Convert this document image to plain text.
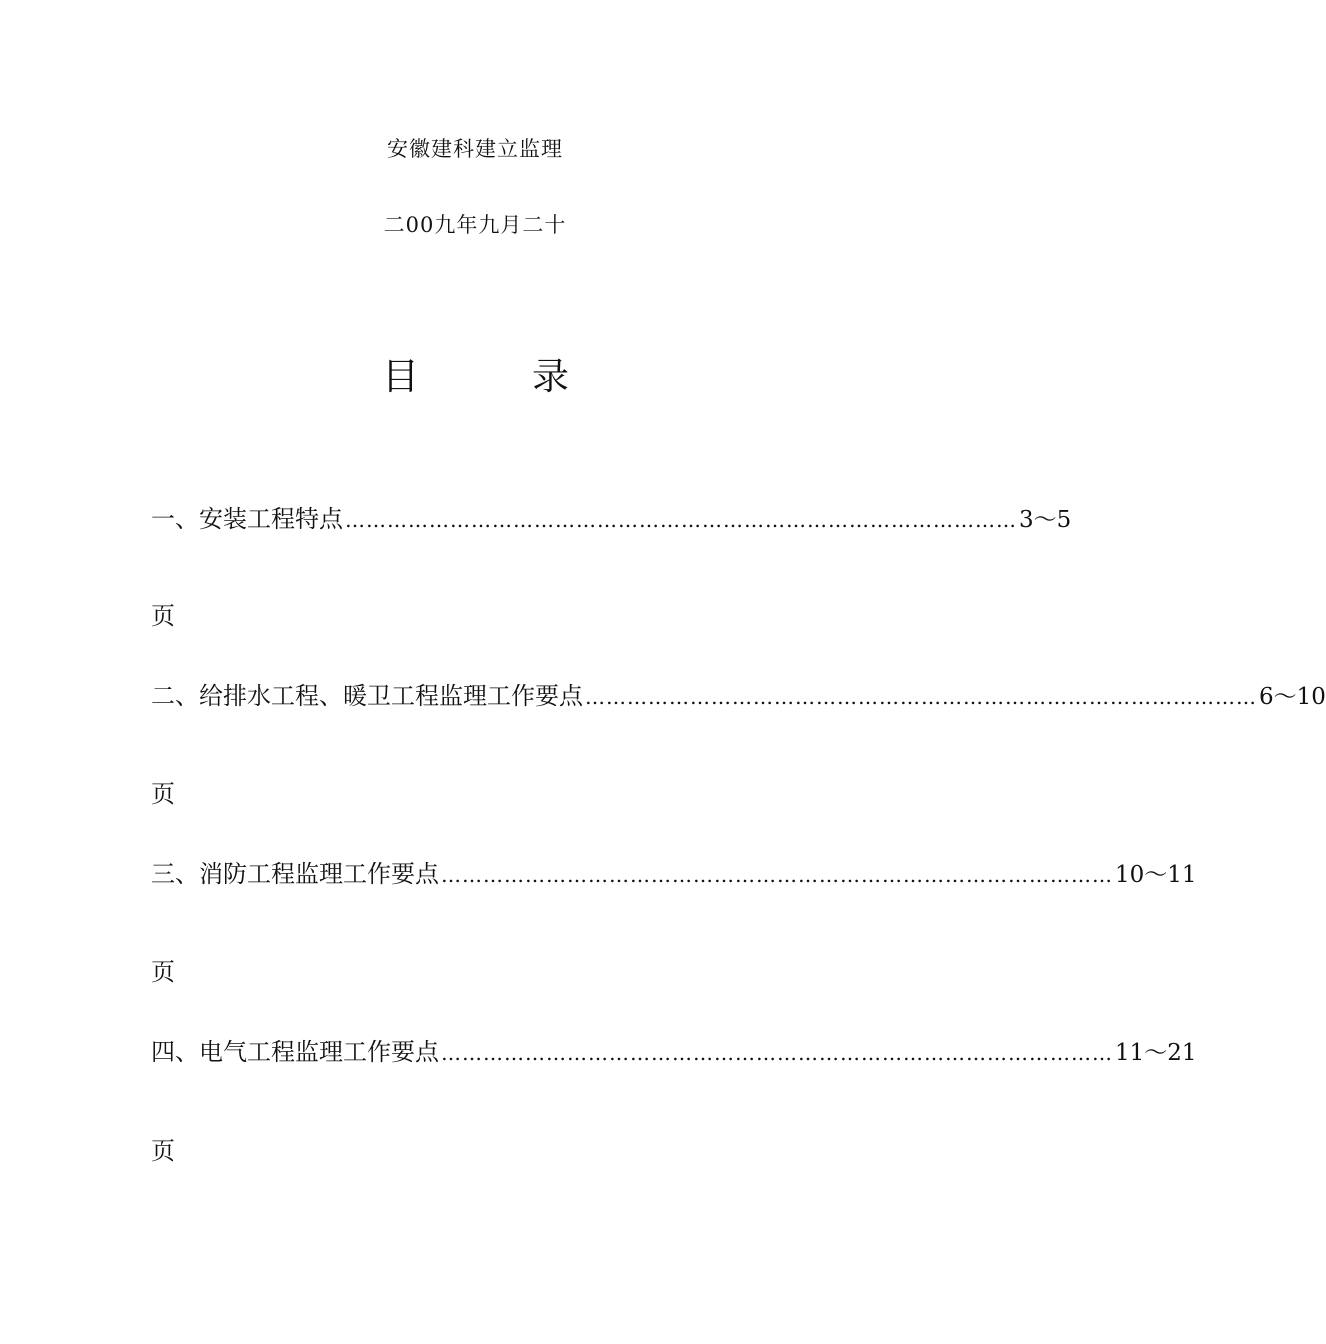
安徽建科建立监理
二00九年九月二十
目	录
一、安装工程特点 …………………………………………………………………………………… 3～5
页
二、给排水工程、暖卫工程监理工作要点 …………………………………………………………………………………… 6～10
页
三、消防工程监理工作要点 …………………………………………………………………………………… 10～11
页
四、电气工程监理工作要点 …………………………………………………………………………………… 11～21
页
